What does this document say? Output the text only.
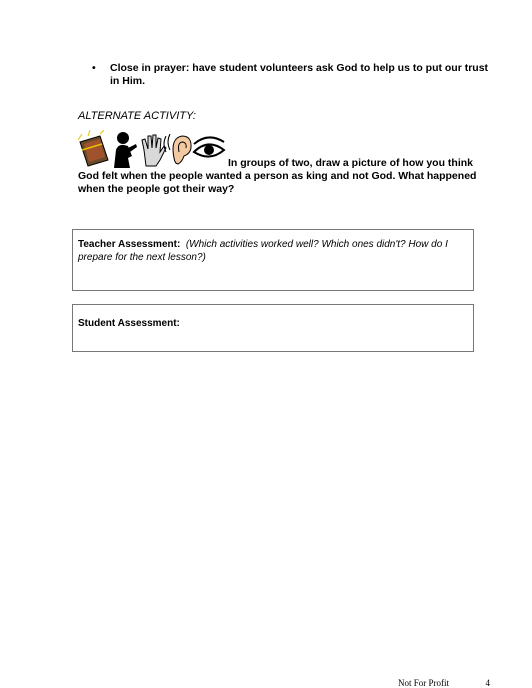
• Close in prayer: have student volunteers ask God to help us to put our trust in Him.
ALTERNATE ACTIVITY:
In groups of two, draw a picture of how you think
God felt when the people wanted a person as king and not God. What happened when the people got their way?
Teacher Assessment: (Which activities worked well? Which ones didn't? How do I prepare for the next lesson?)
Student Assessment:
Not For Profit	4
